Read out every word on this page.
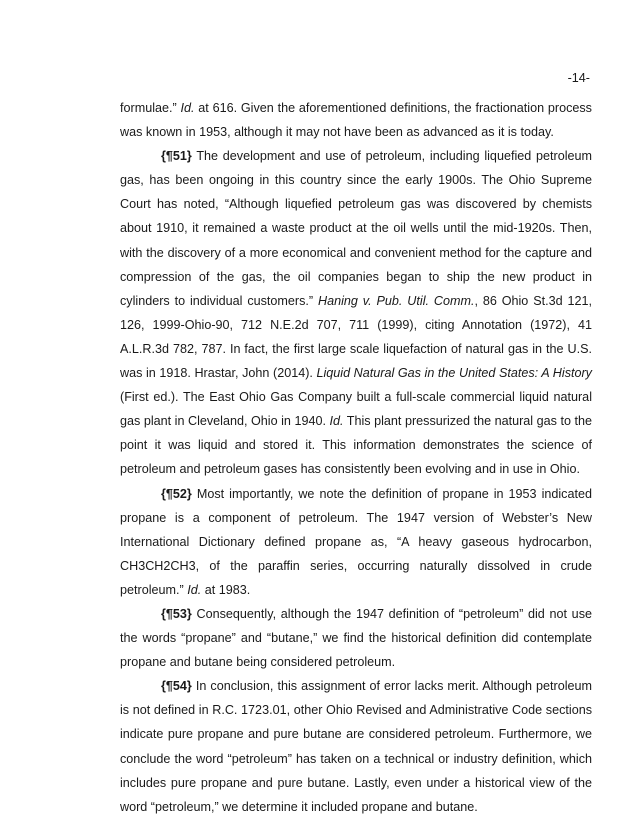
-14-

formulae.” Id. at 616. Given the aforementioned definitions, the fractionation process was known in 1953, although it may not have been as advanced as it is today.

{¶51} The development and use of petroleum, including liquefied petroleum gas, has been ongoing in this country since the early 1900s. The Ohio Supreme Court has noted, “Although liquefied petroleum gas was discovered by chemists about 1910, it remained a waste product at the oil wells until the mid-1920s. Then, with the discovery of a more economical and convenient method for the capture and compression of the gas, the oil companies began to ship the new product in cylinders to individual customers.” Haning v. Pub. Util. Comm., 86 Ohio St.3d 121, 126, 1999-Ohio-90, 712 N.E.2d 707, 711 (1999), citing Annotation (1972), 41 A.L.R.3d 782, 787. In fact, the first large scale liquefaction of natural gas in the U.S. was in 1918. Hrastar, John (2014). Liquid Natural Gas in the United States: A History (First ed.). The East Ohio Gas Company built a full-scale commercial liquid natural gas plant in Cleveland, Ohio in 1940. Id. This plant pressurized the natural gas to the point it was liquid and stored it. This information demonstrates the science of petroleum and petroleum gases has consistently been evolving and in use in Ohio.

{¶52} Most importantly, we note the definition of propane in 1953 indicated propane is a component of petroleum. The 1947 version of Webster’s New International Dictionary defined propane as, “A heavy gaseous hydrocarbon, CH3CH2CH3, of the paraffin series, occurring naturally dissolved in crude petroleum.” Id. at 1983.

{¶53} Consequently, although the 1947 definition of “petroleum” did not use the words “propane” and “butane,” we find the historical definition did contemplate propane and butane being considered petroleum.

{¶54} In conclusion, this assignment of error lacks merit. Although petroleum is not defined in R.C. 1723.01, other Ohio Revised and Administrative Code sections indicate pure propane and pure butane are considered petroleum. Furthermore, we conclude the word “petroleum” has taken on a technical or industry definition, which includes pure propane and pure butane. Lastly, even under a historical view of the word “petroleum,” we determine it included propane and butane.
